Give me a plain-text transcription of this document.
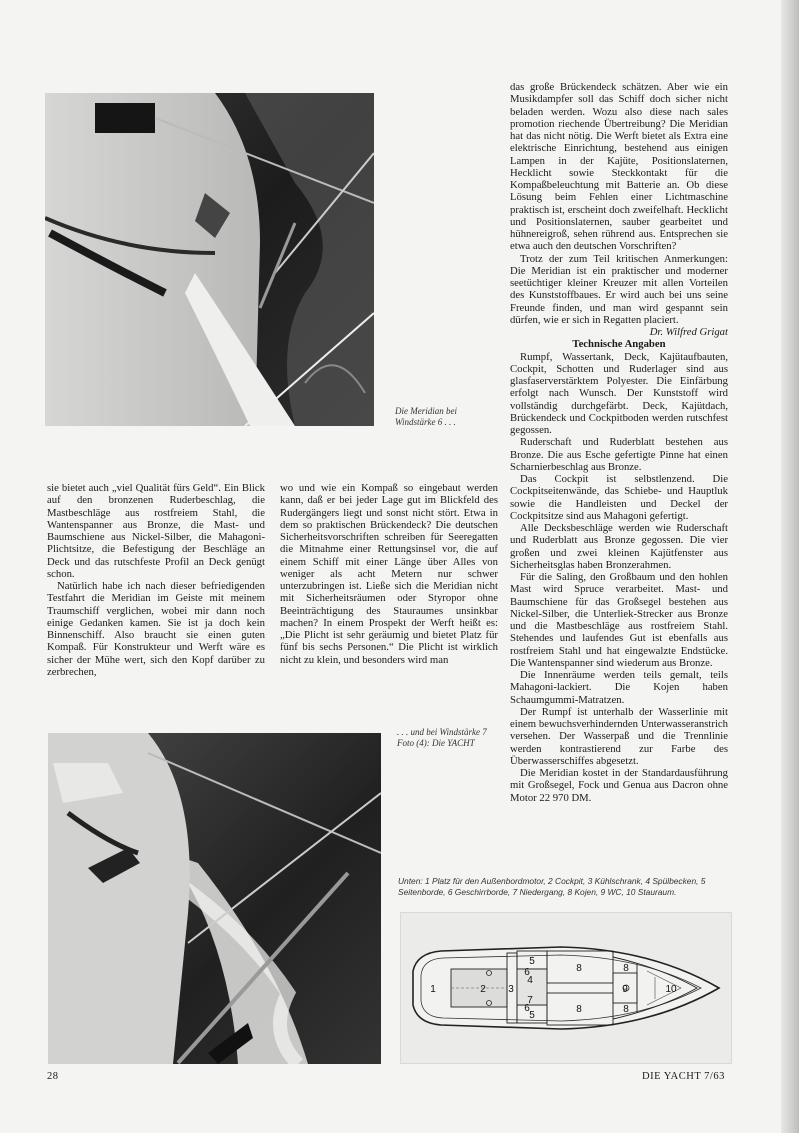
Die Meridian bei Windstärke 6 . . .

sie bietet auch „viel Qualität fürs Geld“. Ein Blick auf den bronzenen Ruderbeschlag, die Mastbeschläge aus rostfreiem Stahl, die Wantenspanner aus Bronze, die Mast- und Baumschiene aus Nickel-Silber, die Mahagoni-Plichtsitze, die Befestigung der Beschläge an Deck und das rutschfeste Profil an Deck genügt schon.

Natürlich habe ich nach dieser befriedigenden Testfahrt die Meridian im Geiste mit meinem Traumschiff verglichen, wobei mir dann noch einige Gedanken kamen. Sie ist ja doch kein Binnenschiff. Also braucht sie einen guten Kompaß. Für Konstrukteur und Werft wäre es sicher der Mühe wert, sich den Kopf darüber zu zerbrechen,

wo und wie ein Kompaß so eingebaut werden kann, daß er bei jeder Lage gut im Blickfeld des Rudergängers liegt und sonst nicht stört. Etwa in dem so praktischen Brückendeck? Die deutschen Sicherheitsvorschriften schreiben für Seeregatten die Mitnahme einer Rettungsinsel vor, die auf einem Schiff mit einer Länge über Alles von weniger als acht Metern nur schwer unterzubringen ist. Ließe sich die Meridian nicht mit Sicherheitsräumen oder Styropor ohne Beeinträchtigung des Stauraumes unsinkbar machen? In einem Prospekt der Werft heißt es: „Die Plicht ist sehr geräumig und bietet Platz für fünf bis sechs Personen.“ Die Plicht ist wirklich nicht zu klein, und besonders wird man

das große Brückendeck schätzen. Aber wie ein Musikdampfer soll das Schiff doch sicher nicht beladen werden. Wozu also diese nach sales promotion riechende Übertreibung? Die Meridian hat das nicht nötig. Die Werft bietet als Extra eine elektrische Einrichtung, bestehend aus einigen Lampen in der Kajüte, Positionslaternen, Hecklicht sowie Steckkontakt für die Kompaßbeleuchtung mit Batterie an. Ob diese Lösung beim Fehlen einer Lichtmaschine praktisch ist, erscheint doch zweifelhaft. Hecklicht und Positionslaternen, sauber gearbeitet und hühnereigroß, sehen rührend aus. Entsprechen sie etwa auch den deutschen Vorschriften?

Trotz der zum Teil kritischen Anmerkungen: Die Meridian ist ein praktischer und moderner seetüchtiger kleiner Kreuzer mit allen Vorteilen des Kunststoffbaues. Er wird auch bei uns seine Freunde finden, und man wird gespannt sein dürfen, wie er sich in Regatten placiert.

Dr. Wilfred Grigat

Technische Angaben

Rumpf, Wassertank, Deck, Kajütaufbauten, Cockpit, Schotten und Ruderlager sind aus glasfaserverstärktem Polyester. Die Einfärbung erfolgt nach Wunsch. Der Kunststoff wird vollständig durchgefärbt. Deck, Kajütdach, Brückendeck und Cockpitboden werden rutschfest gegossen.

Ruderschaft und Ruderblatt bestehen aus Bronze. Die aus Esche gefertigte Pinne hat einen Scharnierbeschlag aus Bronze.

Das Cockpit ist selbstlenzend. Die Cockpitseitenwände, das Schiebe- und Hauptluk sowie die Handleisten und Deckel der Cockpitsitze sind aus Mahagoni gefertigt.

Alle Decksbeschläge werden wie Ruderschaft und Ruderblatt aus Bronze gegossen. Die vier großen und zwei kleinen Kajütfenster aus Sicherheitsglas haben Bronzerahmen.

Für die Saling, den Großbaum und den hohlen Mast wird Spruce verarbeitet. Mast- und Baumschiene für das Großsegel bestehen aus Nickel-Silber, die Unterliek-Strecker aus Bronze und die Mastbeschläge aus rostfreiem Stahl. Stehendes und laufendes Gut ist ebenfalls aus rostfreiem Stahl und hat eingewalzte Endstücke. Die Wantenspanner sind wiederum aus Bronze.

Die Innenräume werden teils gemalt, teils Mahagoni-lackiert. Die Kojen haben Schaumgummi-Matratzen.

Der Rumpf ist unterhalb der Wasserlinie mit einem bewuchsverhindernden Unterwasseranstrich versehen. Der Wasserpaß und die Trennlinie werden kontrastierend zur Farbe des Überwasserschiffes abgesetzt.

Die Meridian kostet in der Standardausführung mit Großsegel, Fock und Genua aus Dacron ohne Motor 22 970 DM.

. . . und bei Windstärke 7
Foto (4): Die YACHT
Unten: 1 Platz für den Außenbordmotor, 2 Cockpit, 3 Kühlschrank, 4 Spülbecken, 5 Seitenborde, 6 Geschirrborde, 7 Niedergang, 8 Kojen, 9 WC, 10 Stauraum.
1	2 3
4
7
5
5
6
6
8
8
8
8
9	10
28	DIE YACHT 7/63
